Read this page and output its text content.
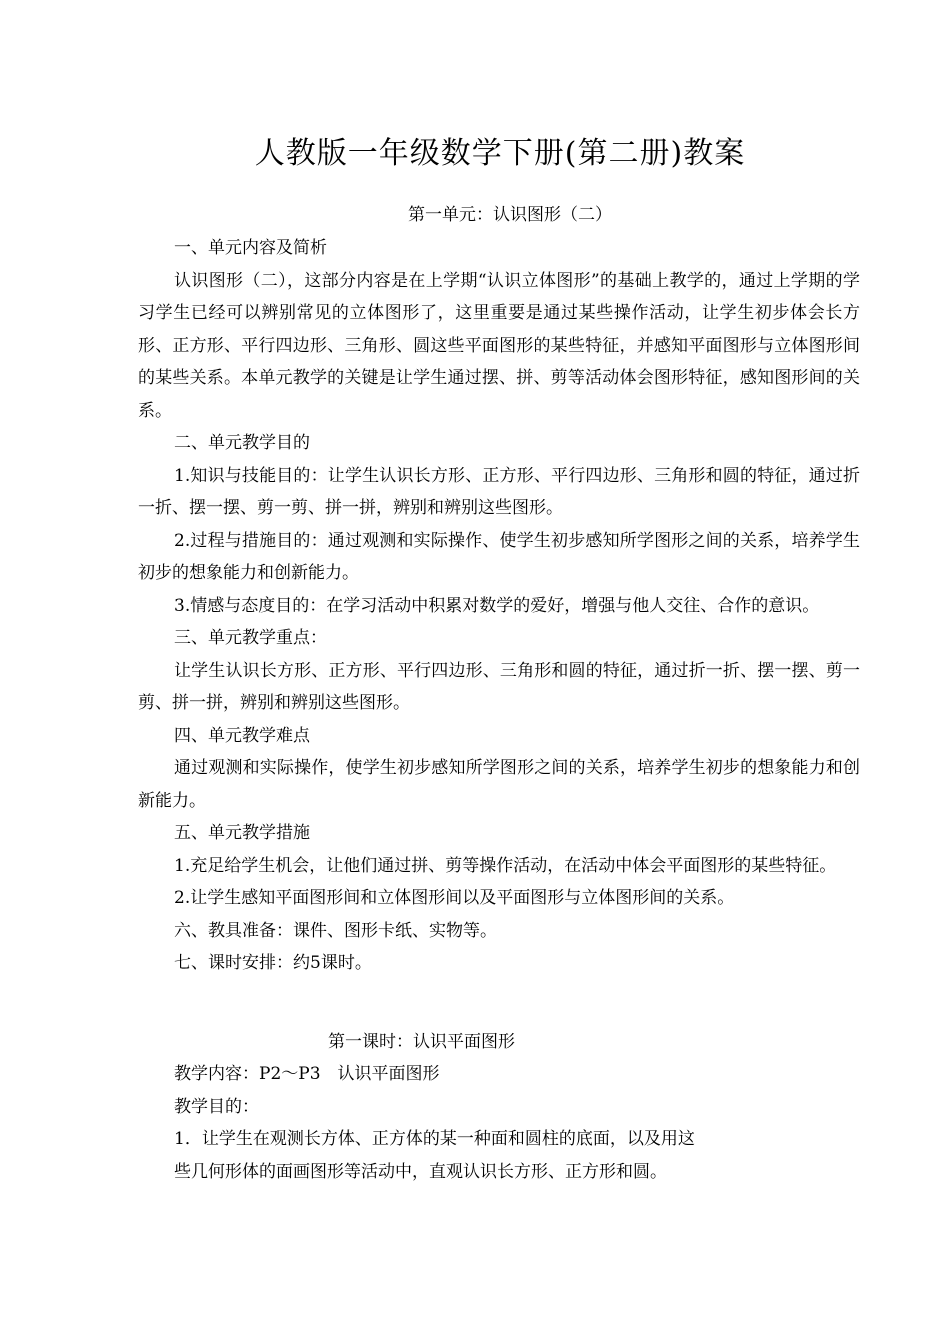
人教版一年级数学下册(第二册)教案
第一单元：认识图形（二）

一、单元内容及简析

认识图形（二），这部分内容是在上学期“认识立体图形”的基础上教学的，通过上学期的学习学生已经可以辨别常见的立体图形了，这里重要是通过某些操作活动，让学生初步体会长方形、正方形、平行四边形、三角形、圆这些平面图形的某些特征，并感知平面图形与立体图形间的某些关系。本单元教学的关键是让学生通过摆、拼、剪等活动体会图形特征，感知图形间的关系。

二、单元教学目的

1.知识与技能目的：让学生认识长方形、正方形、平行四边形、三角形和圆的特征，通过折一折、摆一摆、剪一剪、拼一拼，辨别和辨别这些图形。

2.过程与措施目的：通过观测和实际操作、使学生初步感知所学图形之间的关系，培养学生初步的想象能力和创新能力。

3.情感与态度目的：在学习活动中积累对数学的爱好，增强与他人交往、合作的意识。

三、单元教学重点：

让学生认识长方形、正方形、平行四边形、三角形和圆的特征，通过折一折、摆一摆、剪一剪、拼一拼，辨别和辨别这些图形。

四、单元教学难点

通过观测和实际操作，使学生初步感知所学图形之间的关系，培养学生初步的想象能力和创新能力。

五、单元教学措施

1.充足给学生机会，让他们通过拼、剪等操作活动，在活动中体会平面图形的某些特征。

2.让学生感知平面图形间和立体图形间以及平面图形与立体图形间的关系。

六、教具准备：课件、图形卡纸、实物等。

七、课时安排：约5课时。

第一课时：认识平面图形

教学内容：P2～P3　认识平面图形

教学目的：

1．让学生在观测长方体、正方体的某一种面和圆柱的底面，以及用这

些几何形体的面画图形等活动中，直观认识长方形、正方形和圆。
